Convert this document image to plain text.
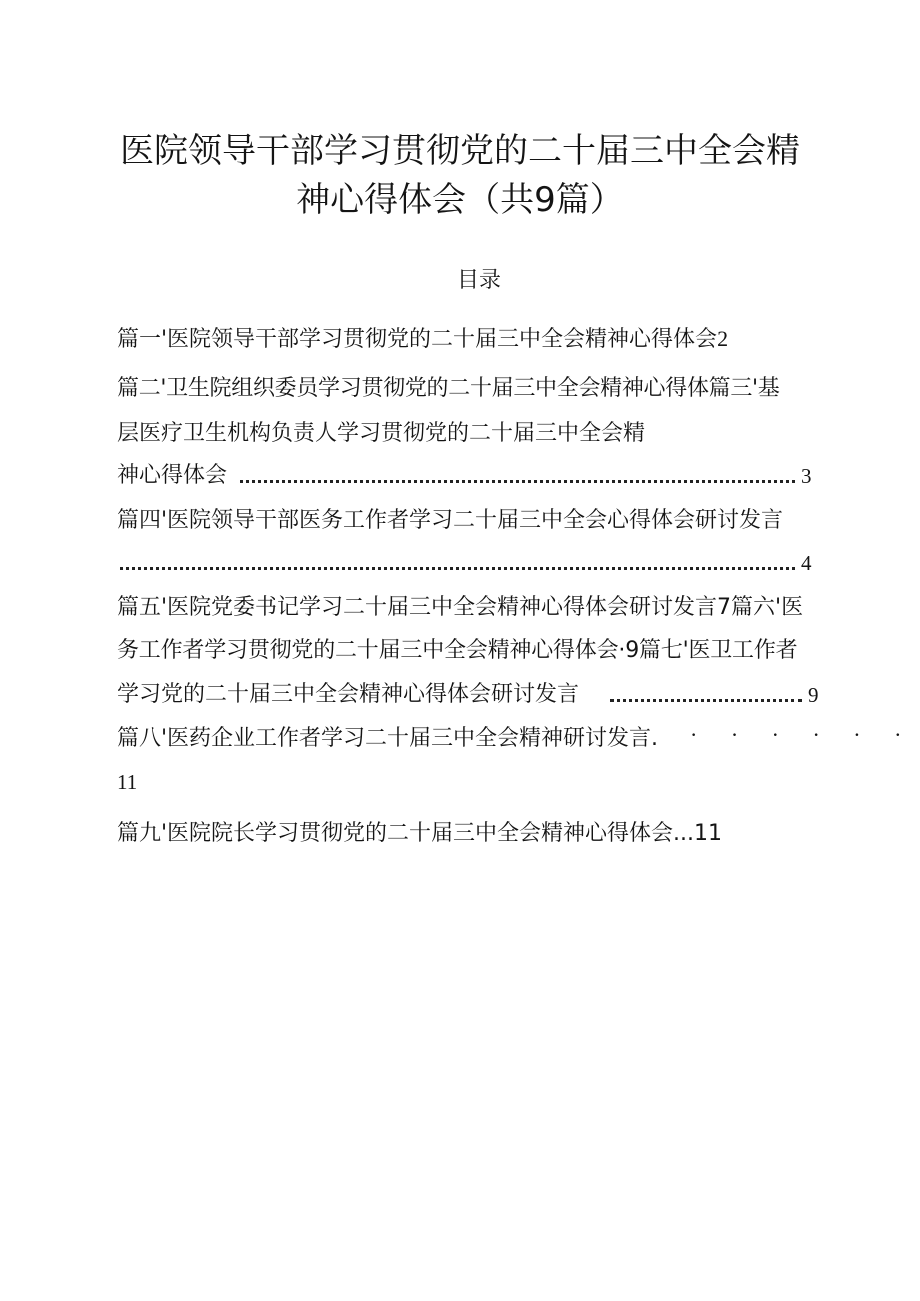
医院领导干部学习贯彻党的二十届三中全会精
神心得体会（共9篇）
目录
篇一'医院领导干部学习贯彻党的二十届三中全会精神心得体会2
篇二'卫生院组织委员学习贯彻党的二十届三中全会精神心得体篇三'基
层医疗卫生机构负责人学习贯彻党的二十届三中全会精
神心得体会	3
篇四'医院领导干部医务工作者学习二十届三中全会心得体会研讨发言
4
篇五'医院党委书记学习二十届三中全会精神心得体会研讨发言7篇六'医
务工作者学习贯彻党的二十届三中全会精神心得体会·9篇七'医卫工作者
学习党的二十届三中全会精神心得体会研讨发言	9
篇八'医药企业工作者学习二十届三中全会精神研讨发言. · · · · · ·
11
篇九'医院院长学习贯彻党的二十届三中全会精神心得体会...11
